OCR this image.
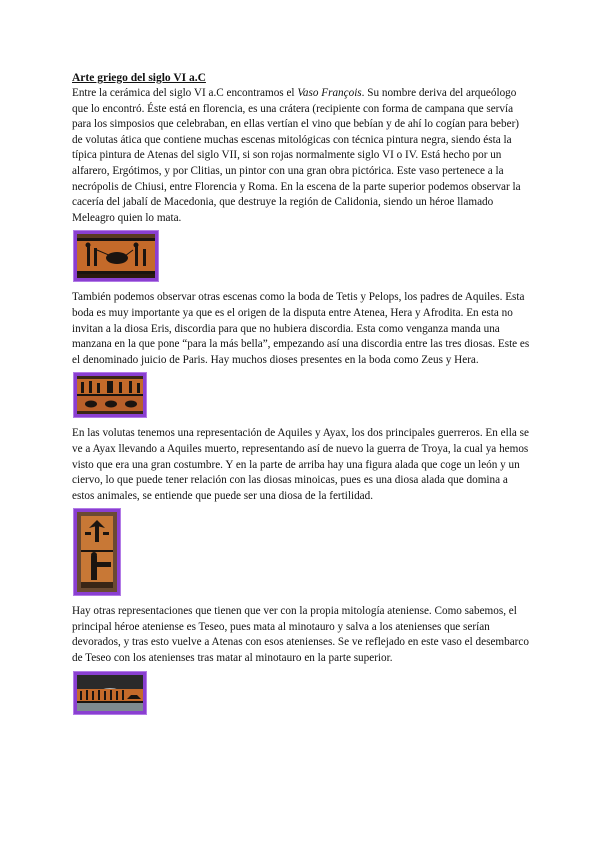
Arte griego del siglo VI a.C

Entre la cerámica del siglo VI a.C encontramos el Vaso François. Su nombre deriva del arqueólogo que lo encontró. Éste está en florencia, es una crátera (recipiente con forma de campana que servía para los simposios que celebraban, en ellas vertían el vino que bebían y de ahí lo cogían para beber) de volutas ática que contiene muchas escenas mitológicas con técnica pintura negra, siendo ésta la típica pintura de Atenas del siglo VII, si son rojas normalmente siglo VI o IV. Está hecho por un alfarero, Ergótimos, y por Clitias, un pintor con una gran obra pictórica. Este vaso pertenece a la necrópolis de Chiusi, entre Florencia y Roma. En la escena de la parte superior podemos observar la cacería del jabalí de Macedonia, que destruye la región de Calidonia, siendo un héroe llamado Meleagro quien lo mata.

También podemos observar otras escenas como la boda de Tetis y Pelops, los padres de Aquiles. Esta boda es muy importante ya que es el origen de la disputa entre Atenea, Hera y Afrodita. En esta no invitan a la diosa Eris, discordia para que no hubiera discordia. Esta como venganza manda una manzana en la que pone “para la más bella”, empezando así una discordia entre las tres diosas. Este es el denominado juicio de Paris. Hay muchos dioses presentes en la boda como Zeus y Hera.

En las volutas tenemos una representación de Aquiles y Ayax, los dos principales guerreros. En ella se ve a Ayax llevando a Aquiles muerto, representando así de nuevo la guerra de Troya, la cual ya hemos visto que era una gran costumbre. Y en la parte de arriba hay una figura alada que coge un león y un ciervo, lo que puede tener relación con las diosas minoicas, pues es una diosa alada que domina a estos animales, se entiende que puede ser una diosa de la fertilidad.

Hay otras representaciones que tienen que ver con la propia mitología ateniense. Como sabemos, el principal héroe ateniense es Teseo, pues mata al minotauro y salva a los atenienses que serían devorados, y tras esto vuelve a Atenas con esos atenienses. Se ve reflejado en este vaso el desembarco de Teseo con los atenienses tras matar al minotauro en la parte superior.
